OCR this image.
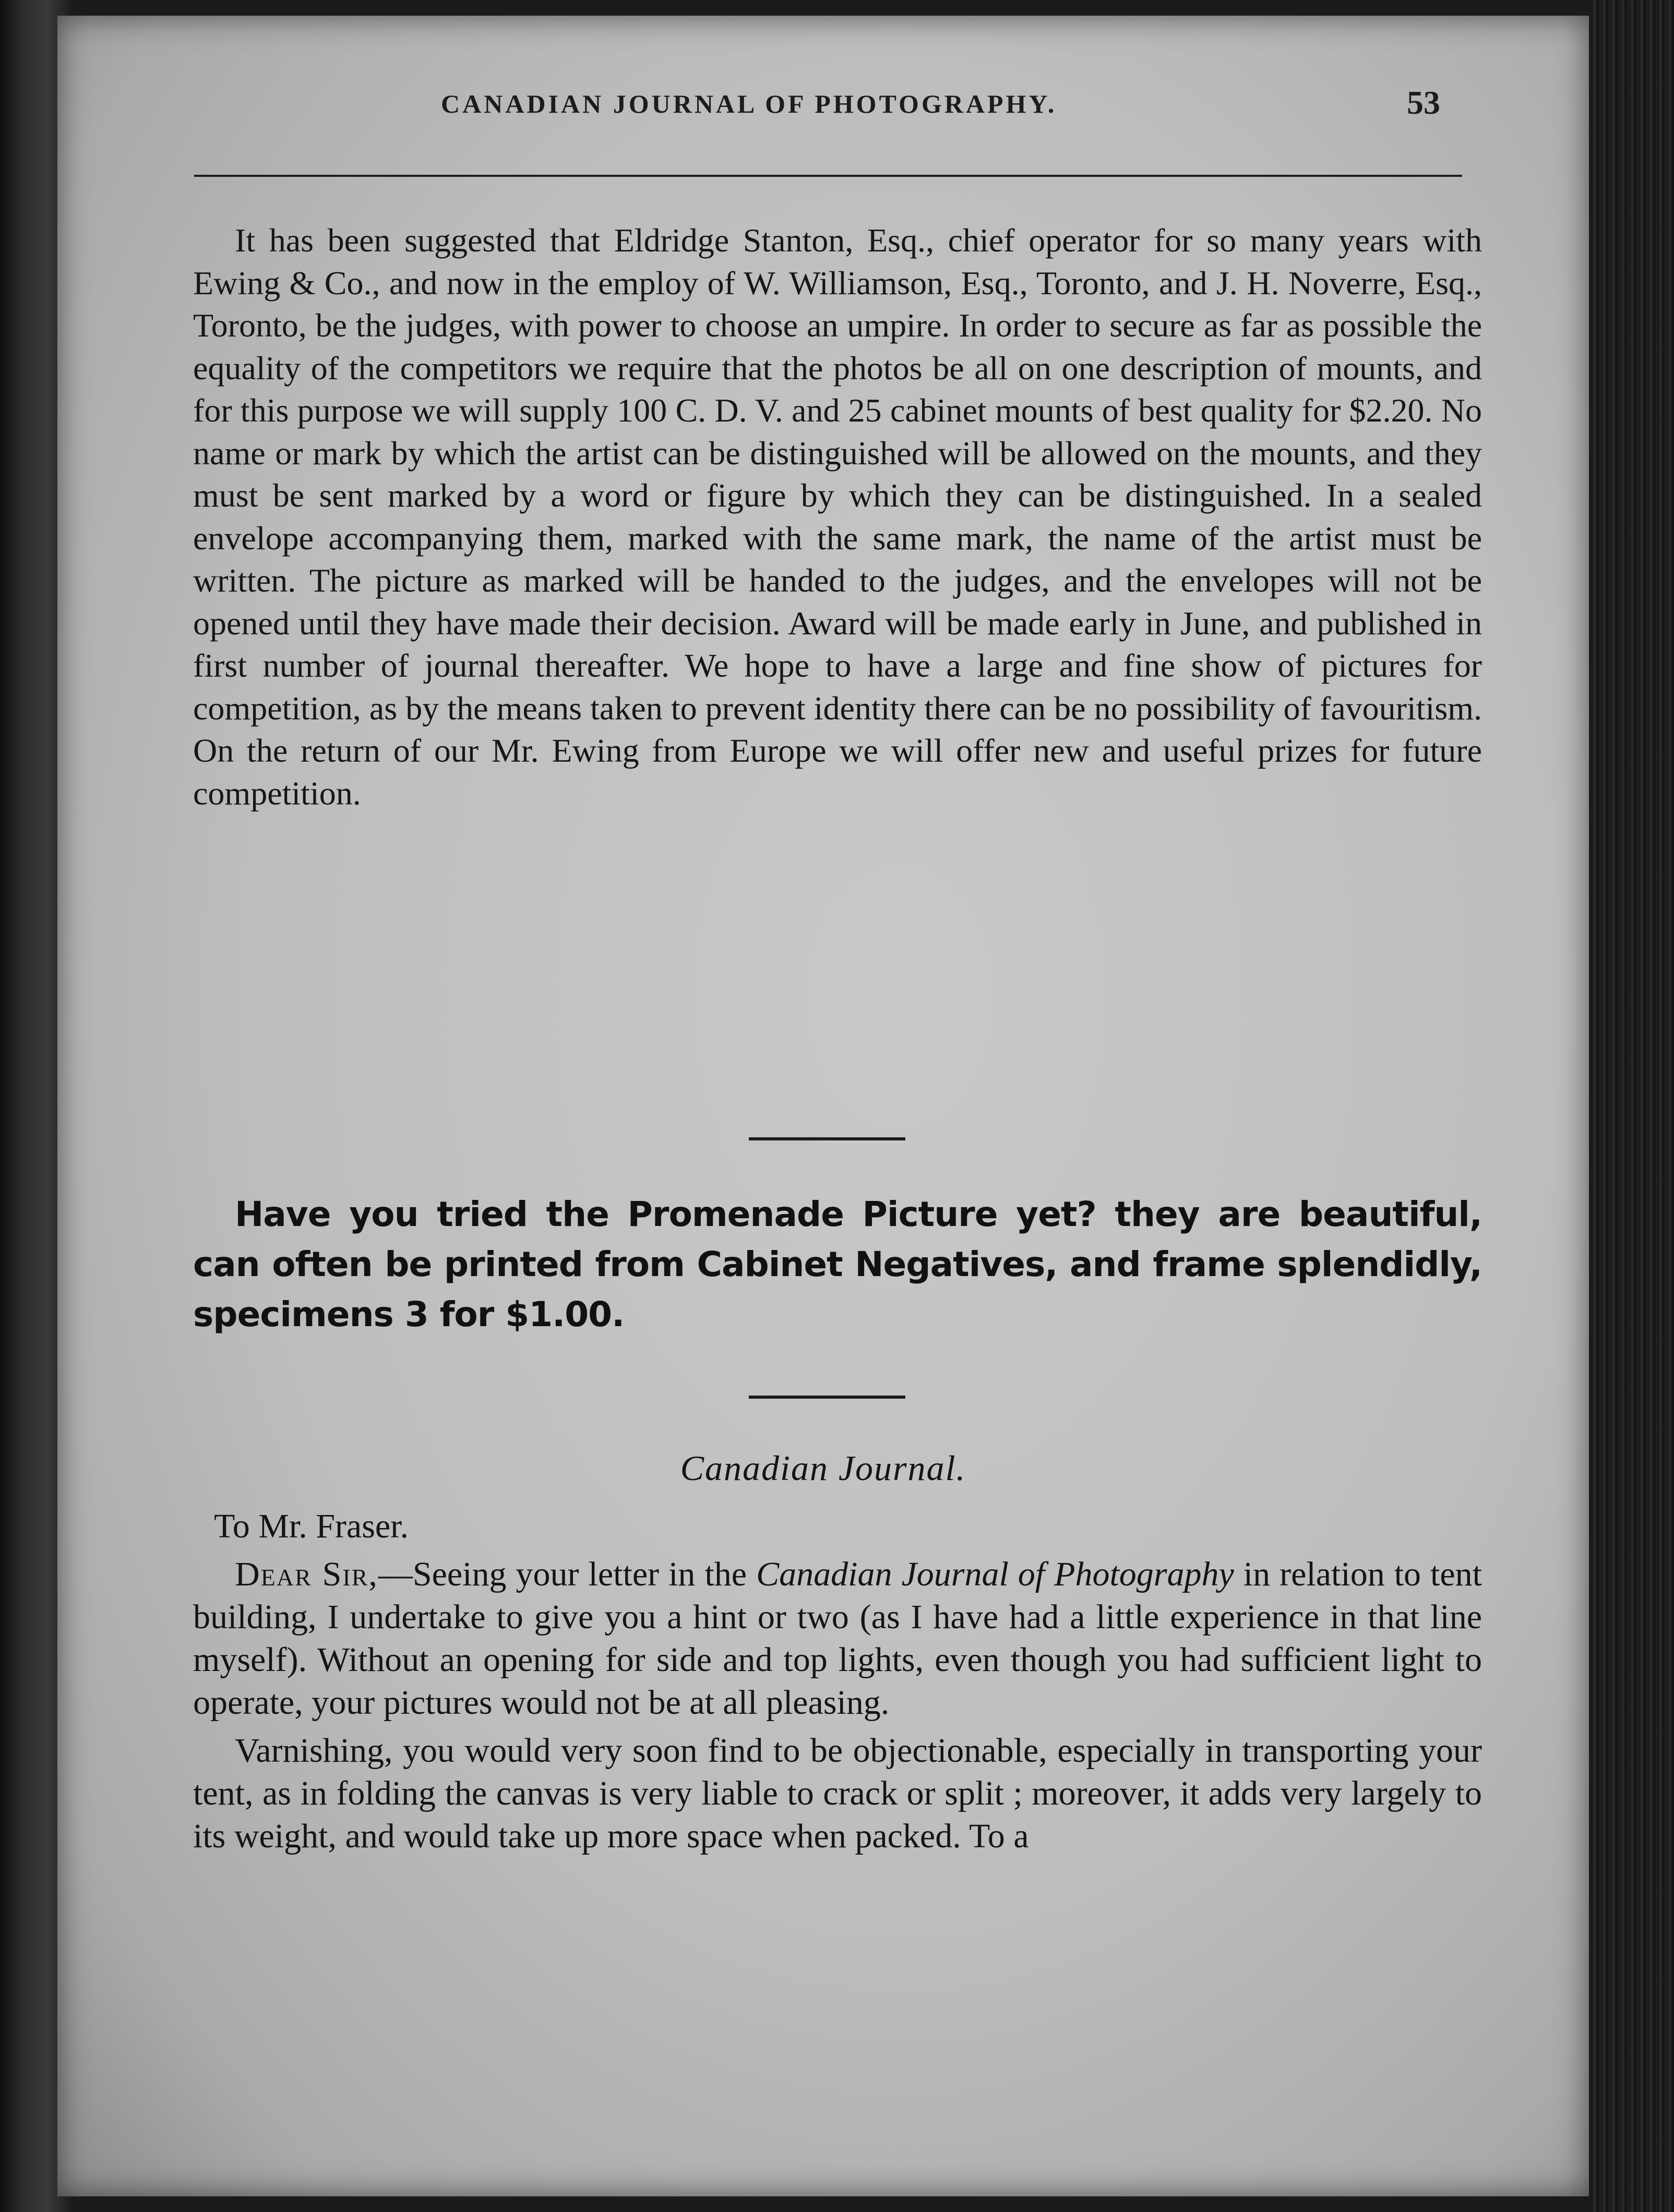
CANADIAN JOURNAL OF PHOTOGRAPHY.	53

It has been suggested that Eldridge Stanton, Esq., chief operator for so many years with Ewing & Co., and now in the employ of W. Williamson, Esq., Toronto, and J. H. Noverre, Esq., Toronto, be the judges, with power to choose an umpire. In order to secure as far as possible the equality of the competitors we require that the photos be all on one description of mounts, and for this purpose we will supply 100 C. D. V. and 25 cabinet mounts of best quality for $2.20. No name or mark by which the artist can be distinguished will be allowed on the mounts, and they must be sent marked by a word or figure by which they can be distinguished. In a sealed envelope accompanying them, marked with the same mark, the name of the artist must be written. The picture as marked will be handed to the judges, and the envelopes will not be opened until they have made their decision. Award will be made early in June, and published in first number of journal thereafter. We hope to have a large and fine show of pictures for competition, as by the means taken to prevent identity there can be no possibility of favouritism. On the return of our Mr. Ewing from Europe we will offer new and useful prizes for future competition.

Have you tried the Promenade Picture yet? they are beautiful, can often be printed from Cabinet Negatives, and frame splendidly, specimens 3 for $1.00.

Canadian Journal.
To Mr. Fraser.

Dear Sir,—Seeing your letter in the Canadian Journal of Photography in relation to tent building, I undertake to give you a hint or two (as I have had a little experience in that line myself). Without an opening for side and top lights, even though you had sufficient light to operate, your pictures would not be at all pleasing.

Varnishing, you would very soon find to be objectionable, especially in transporting your tent, as in folding the canvas is very liable to crack or split ; moreover, it adds very largely to its weight, and would take up more space when packed. To a
